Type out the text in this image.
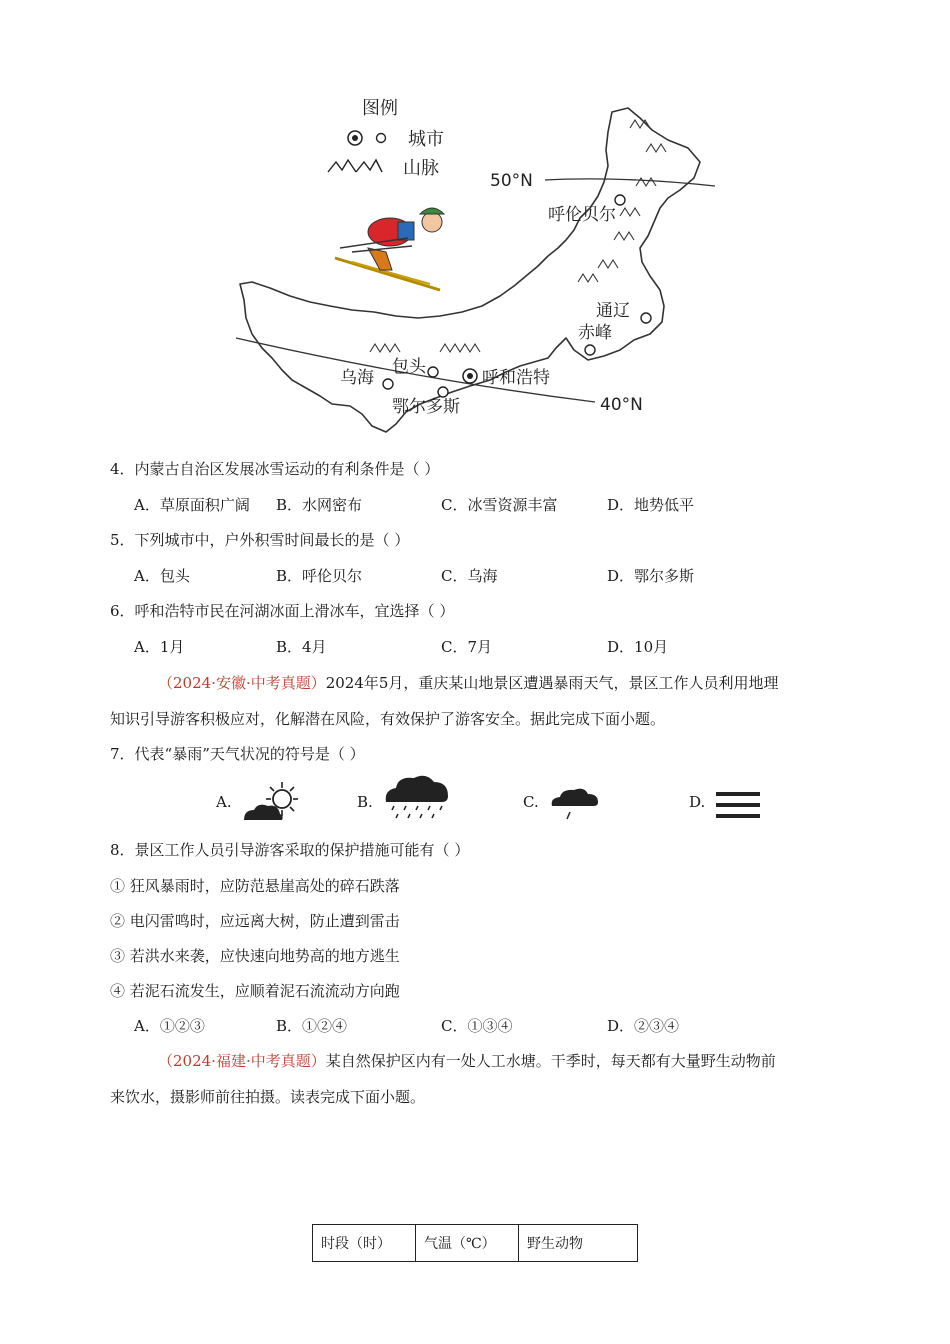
50°N
40°N
图例
城市
山脉
呼伦贝尔
通辽
赤峰
包头
乌海	呼和浩特
鄂尔多斯
4．内蒙古自治区发展冰雪运动的有利条件是（ ）
A．草原面积广阔 B．水网密布	C．冰雪资源丰富	D．地势低平
5．下列城市中，户外积雪时间最长的是（ ）
A．包头	B．呼伦贝尔	C．乌海	D．鄂尔多斯
6．呼和浩特市民在河湖冰面上滑冰车，宜选择（ ）
A．1月	B．4月	C．7月	D．10月
（2024·安徽·中考真题）2024年5月，重庆某山地景区遭遇暴雨天气，景区工作人员利用地理
知识引导游客积极应对，化解潜在风险，有效保护了游客安全。据此完成下面小题。
7．代表“暴雨”天气状况的符号是（ ）
A.	B.	C.	D.
8．景区工作人员引导游客采取的保护措施可能有（ ）
① 狂风暴雨时，应防范悬崖高处的碎石跌落
② 电闪雷鸣时，应远离大树，防止遭到雷击
③ 若洪水来袭，应快速向地势高的地方逃生
④ 若泥石流发生，应顺着泥石流流动方向跑
A．①②③	B．①②④	C．①③④	D．②③④
（2024·福建·中考真题）某自然保护区内有一处人工水塘。干季时，每天都有大量野生动物前
来饮水，摄影师前往拍摄。读表完成下面小题。
时段（时）	气温（℃）	野生动物
